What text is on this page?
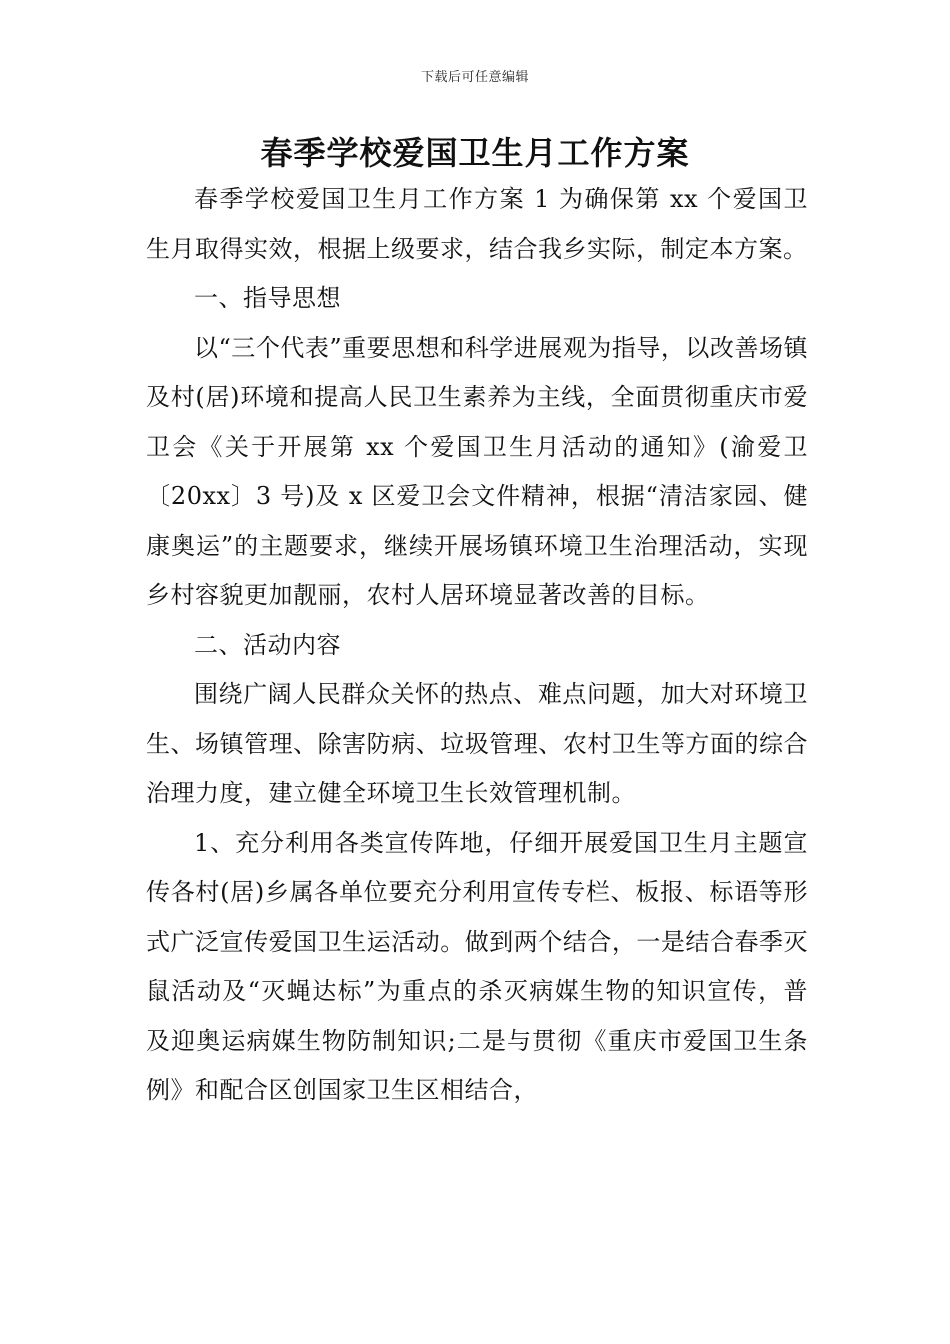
下载后可任意编辑
春季学校爱国卫生月工作方案

春季学校爱国卫生月工作方案 1 为确保第 xx 个爱国卫生月取得实效，根据上级要求，结合我乡实际，制定本方案。

一、指导思想

以“三个代表”重要思想和科学进展观为指导，以改善场镇及村(居)环境和提高人民卫生素养为主线，全面贯彻重庆市爱卫会《关于开展第 xx 个爱国卫生月活动的通知》(渝爱卫〔20xx〕3 号)及 x 区爱卫会文件精神，根据“清洁家园、健康奥运”的主题要求，继续开展场镇环境卫生治理活动，实现乡村容貌更加靓丽，农村人居环境显著改善的目标。

二、活动内容

围绕广阔人民群众关怀的热点、难点问题，加大对环境卫生、场镇管理、除害防病、垃圾管理、农村卫生等方面的综合治理力度，建立健全环境卫生长效管理机制。

1、充分利用各类宣传阵地，仔细开展爱国卫生月主题宣传各村(居)乡属各单位要充分利用宣传专栏、板报、标语等形式广泛宣传爱国卫生运活动。做到两个结合，一是结合春季灭鼠活动及“灭蝇达标”为重点的杀灭病媒生物的知识宣传，普及迎奥运病媒生物防制知识;二是与贯彻《重庆市爱国卫生条例》和配合区创国家卫生区相结合，
